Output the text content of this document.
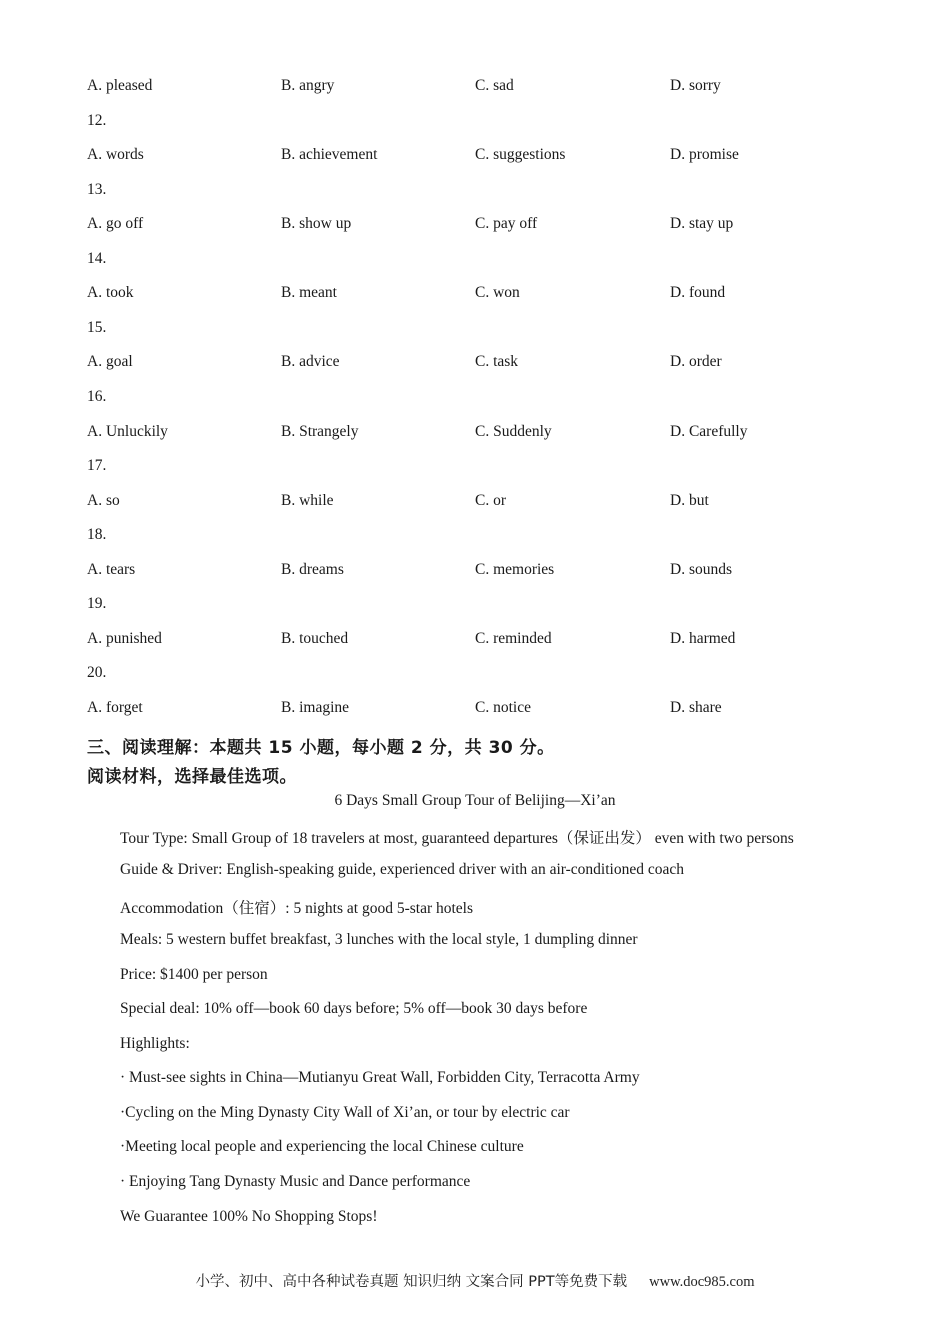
A. pleased	B. angry	C. sad	D. sorry
12.
A. words	B. achievement	C. suggestions	D. promise
13.
A. go off	B. show up	C. pay off	D. stay up
14.
A. took	B. meant	C. won	D. found
15.
A. goal	B. advice	C. task	D. order
16.
A. Unluckily	B. Strangely	C. Suddenly	D. Carefully
17.
A. so	B. while	C. or	D. but
18.
A. tears	B. dreams	C. memories	D. sounds
19.
A. punished	B. touched	C. reminded	D. harmed
20.
A. forget	B. imagine	C. notice	D. share
三、阅读理解：本题共 15 小题，每小题 2 分，共 30 分。
阅读材料，选择最佳选项。
6 Days Small Group Tour of Belijing—Xi’an
Tour Type: Small Group of 18 travelers at most, guaranteed departures（保证出发） even with two persons
Guide & Driver: English-speaking guide, experienced driver with an air-conditioned coach
Accommodation（住宿）: 5 nights at good 5-star hotels
Meals: 5 western buffet breakfast, 3 lunches with the local style, 1 dumpling dinner
Price: $1400 per person
Special deal: 10% off—book 60 days before; 5% off—book 30 days before
Highlights:
· Must-see sights in China—Mutianyu Great Wall, Forbidden City, Terracotta Army
·Cycling on the Ming Dynasty City Wall of Xi’an, or tour by electric car
·Meeting local people and experiencing the local Chinese culture
· Enjoying Tang Dynasty Music and Dance performance
We Guarantee 100% No Shopping Stops!
小学、初中、高中各种试卷真题 知识归纳 文案合同 PPT等免费下载 www.doc985.com
